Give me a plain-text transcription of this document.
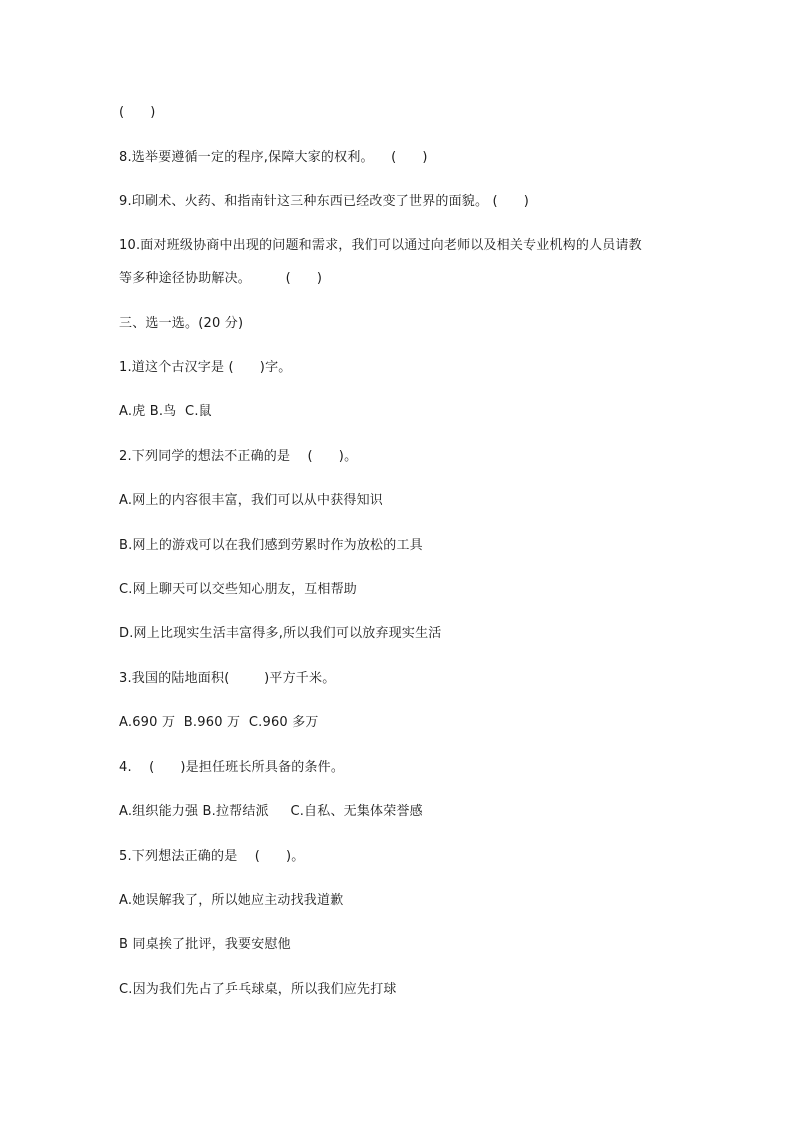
(      )
8.选举要遵循一定的程序,保障大家的权利。    (      )
9.印刷术、火药、和指南针这三种东西已经改变了世界的面貌。 (      )
10.面对班级协商中出现的问题和需求，我们可以通过向老师以及相关专业机构的人员请教
等多种途径协助解决。        (      )
三、选一选。(20 分)
1.道这个古汉字是 (      )字。
A.虎 B.鸟  C.鼠
2.下列同学的想法不正确的是    (      )。
A.网上的内容很丰富，我们可以从中获得知识
B.网上的游戏可以在我们感到劳累时作为放松的工具
C.网上聊天可以交些知心朋友，互相帮助
D.网上比现实生活丰富得多,所以我们可以放弃现实生活
3.我国的陆地面积(        )平方千米。
A.690 万  B.960 万  C.960 多万
4.    (      )是担任班长所具备的条件。
A.组织能力强 B.拉帮结派     C.自私、无集体荣誉感
5.下列想法正确的是    (      )。
A.她误解我了，所以她应主动找我道歉
B 同桌挨了批评，我要安慰他
C.因为我们先占了乒乓球桌，所以我们应先打球
